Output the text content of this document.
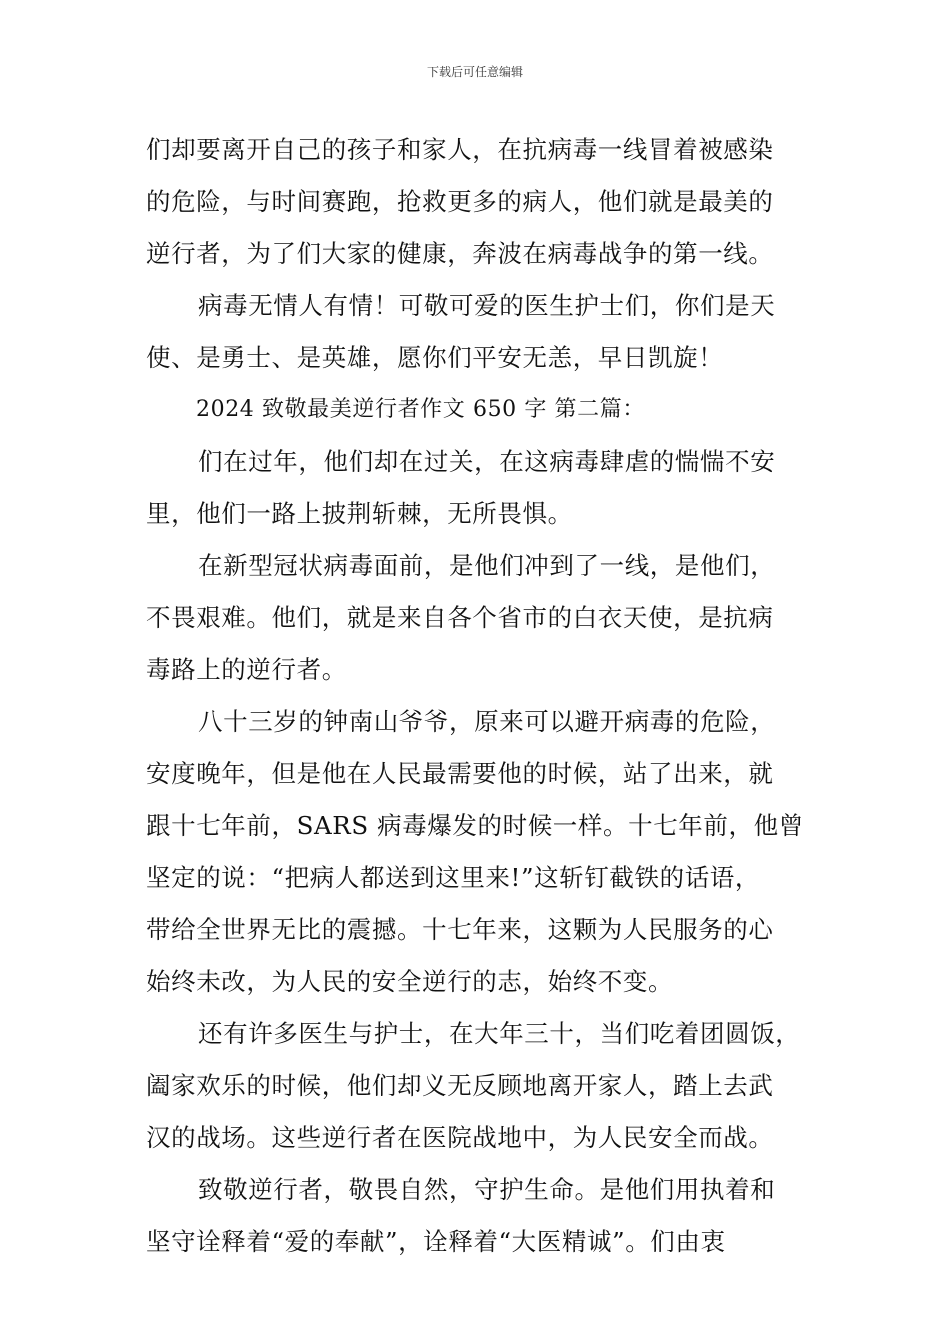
下载后可任意编辑
们却要离开自己的孩子和家人，在抗病毒一线冒着被感染
的危险，与时间赛跑，抢救更多的病人，他们就是最美的
逆行者，为了们大家的健康，奔波在病毒战争的第一线。
病毒无情人有情！可敬可爱的医生护士们，你们是天
使、是勇士、是英雄，愿你们平安无恙，早日凯旋！
2024 致敬最美逆行者作文 650 字 第二篇：
们在过年，他们却在过关，在这病毒肆虐的惴惴不安
里，他们一路上披荆斩棘，无所畏惧。
在新型冠状病毒面前，是他们冲到了一线，是他们，
不畏艰难。他们，就是来自各个省市的白衣天使，是抗病
毒路上的逆行者。
八十三岁的钟南山爷爷，原来可以避开病毒的危险，
安度晚年，但是他在人民最需要他的时候，站了出来，就
跟十七年前，SARS 病毒爆发的时候一样。十七年前，他曾
坚定的说：“把病人都送到这里来!”这斩钉截铁的话语，
带给全世界无比的震撼。十七年来，这颗为人民服务的心
始终未改，为人民的安全逆行的志，始终不变。
还有许多医生与护士，在大年三十，当们吃着团圆饭，
阖家欢乐的时候，他们却义无反顾地离开家人，踏上去武
汉的战场。这些逆行者在医院战地中，为人民安全而战。
致敬逆行者，敬畏自然，守护生命。是他们用执着和
坚守诠释着“爱的奉献”，诠释着“大医精诚”。们由衷
